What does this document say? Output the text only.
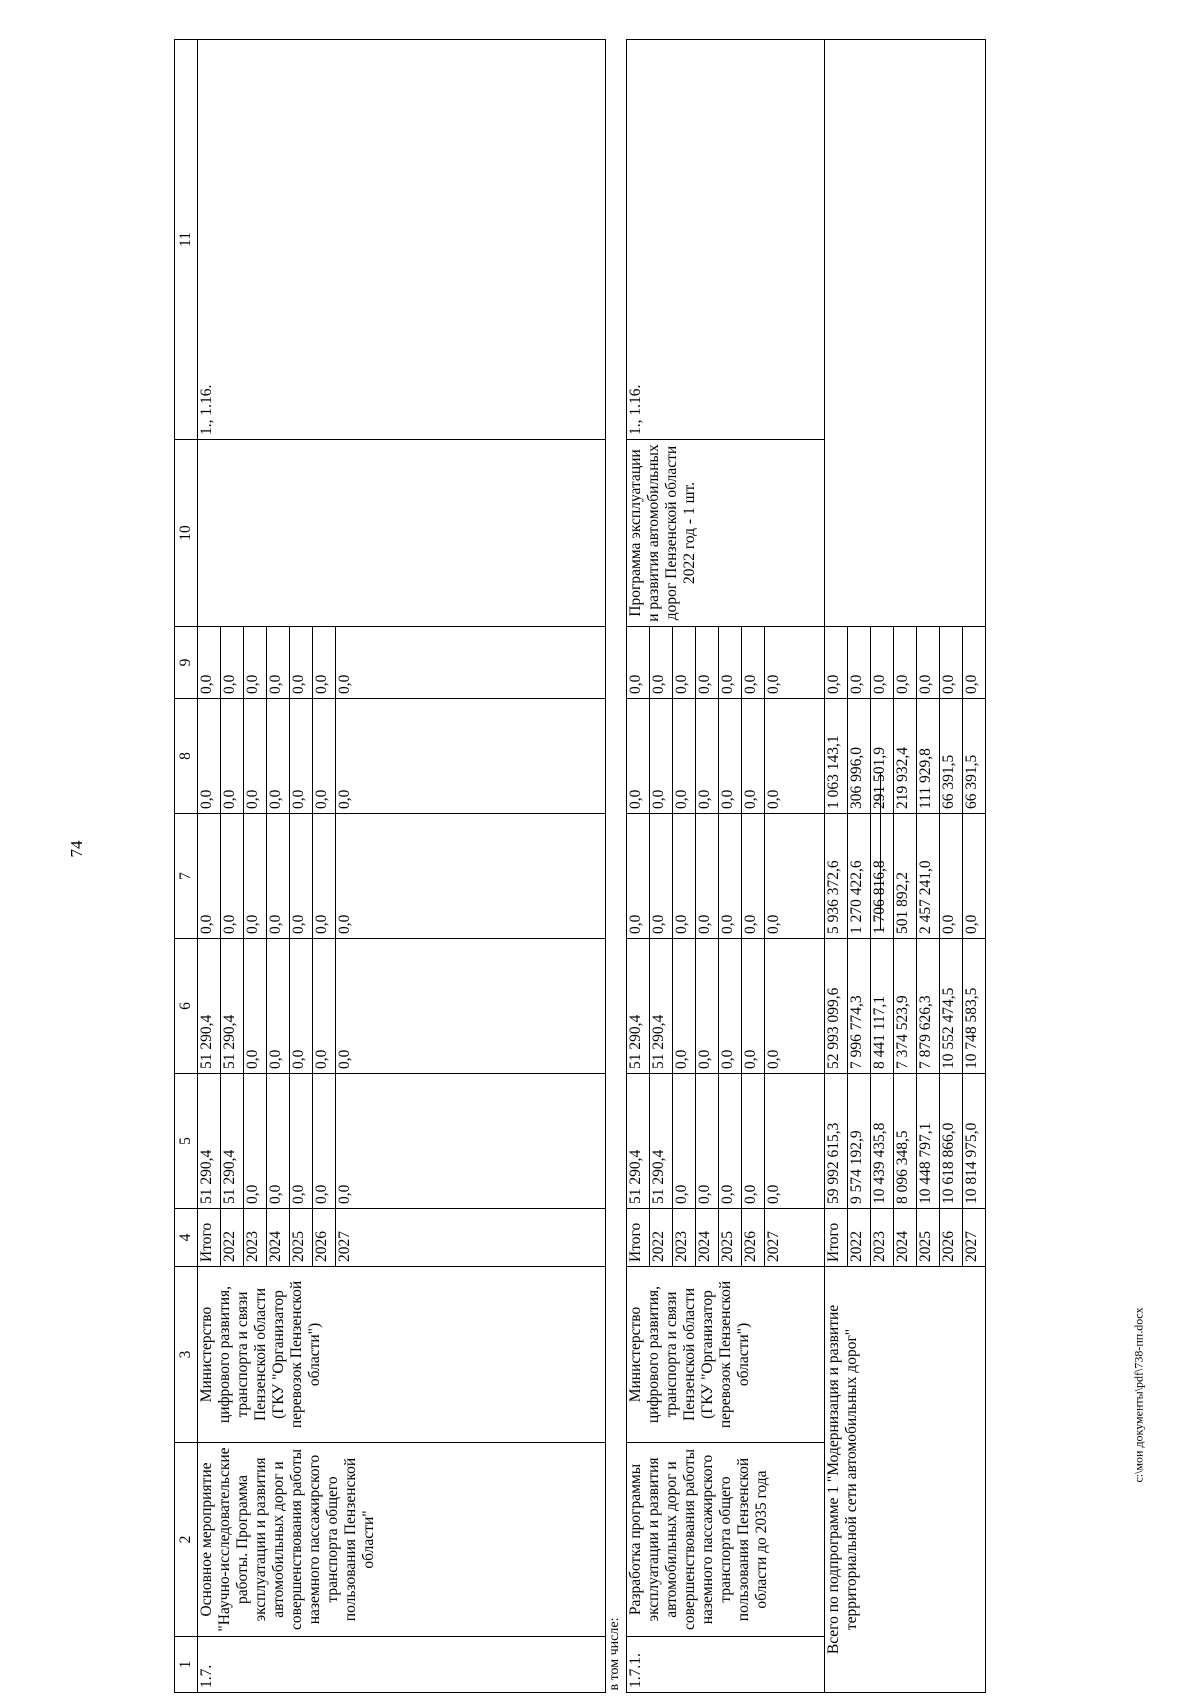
74
c:\мои документы\pdf\738-пп.docx
1	2	3	4	5	6	7	8	9	10	11
1.7.	Основное мероприятие "Научно-исследовательские работы. Программа эксплуатации и развития автомобильных дорог и совершенствования работы наземного пассажирского транспорта общего пользования Пензенской области"	Министерство цифрового развития, транспорта и связи Пензенской области (ГКУ "Организатор перевозок Пензенской области")	Итого	51 290,4	51 290,4	0,0	0,0	0,0		1., 1.16.
			2022	51 290,4	51 290,4	0,0	0,0	0,0		
			2023	0,0	0,0	0,0	0,0	0,0		
			2024	0,0	0,0	0,0	0,0	0,0		
			2025	0,0	0,0	0,0	0,0	0,0		
			2026	0,0	0,0	0,0	0,0	0,0		
			2027	0,0	0,0	0,0	0,0	0,0		
в том числе:										
1.7.1.	Разработка программы эксплуатации и развития автомобильных дорог и совершенствования работы наземного пассажирского транспорта общего пользования Пензенской области до 2035 года	Министерство цифрового развития, транспорта и связи Пензенской области (ГКУ "Организатор перевозок Пензенской области")	Итого	51 290,4	51 290,4	0,0	0,0	0,0	Программа эксплуатации и развития автомобильных дорог Пензенской области 2022 год - 1 шт.	1., 1.16.
			2022	51 290,4	51 290,4	0,0	0,0	0,0		
			2023	0,0	0,0	0,0	0,0	0,0		
			2024	0,0	0,0	0,0	0,0	0,0		
			2025	0,0	0,0	0,0	0,0	0,0		
			2026	0,0	0,0	0,0	0,0	0,0		
			2027	0,0	0,0	0,0	0,0	0,0		
Всего по подпрограмме 1 "Модернизация и развитие территориальной сети автомобильных дорог"			Итого	59 992 615,3	52 993 099,6	5 936 372,6	1 063 143,1	0,0		
			2022	9 574 192,9	7 996 774,3	1 270 422,6	306 996,0	0,0		
			2023	10 439 435,8	8 441 117,1	1 706 816,8	291 501,9	0,0		
			2024	8 096 348,5	7 374 523,9	501 892,2	219 932,4	0,0		
			2025	10 448 797,1	7 879 626,3	2 457 241,0	111 929,8	0,0		
			2026	10 618 866,0	10 552 474,5	0,0	66 391,5	0,0		
			2027	10 814 975,0	10 748 583,5	0,0	66 391,5	0,0		
